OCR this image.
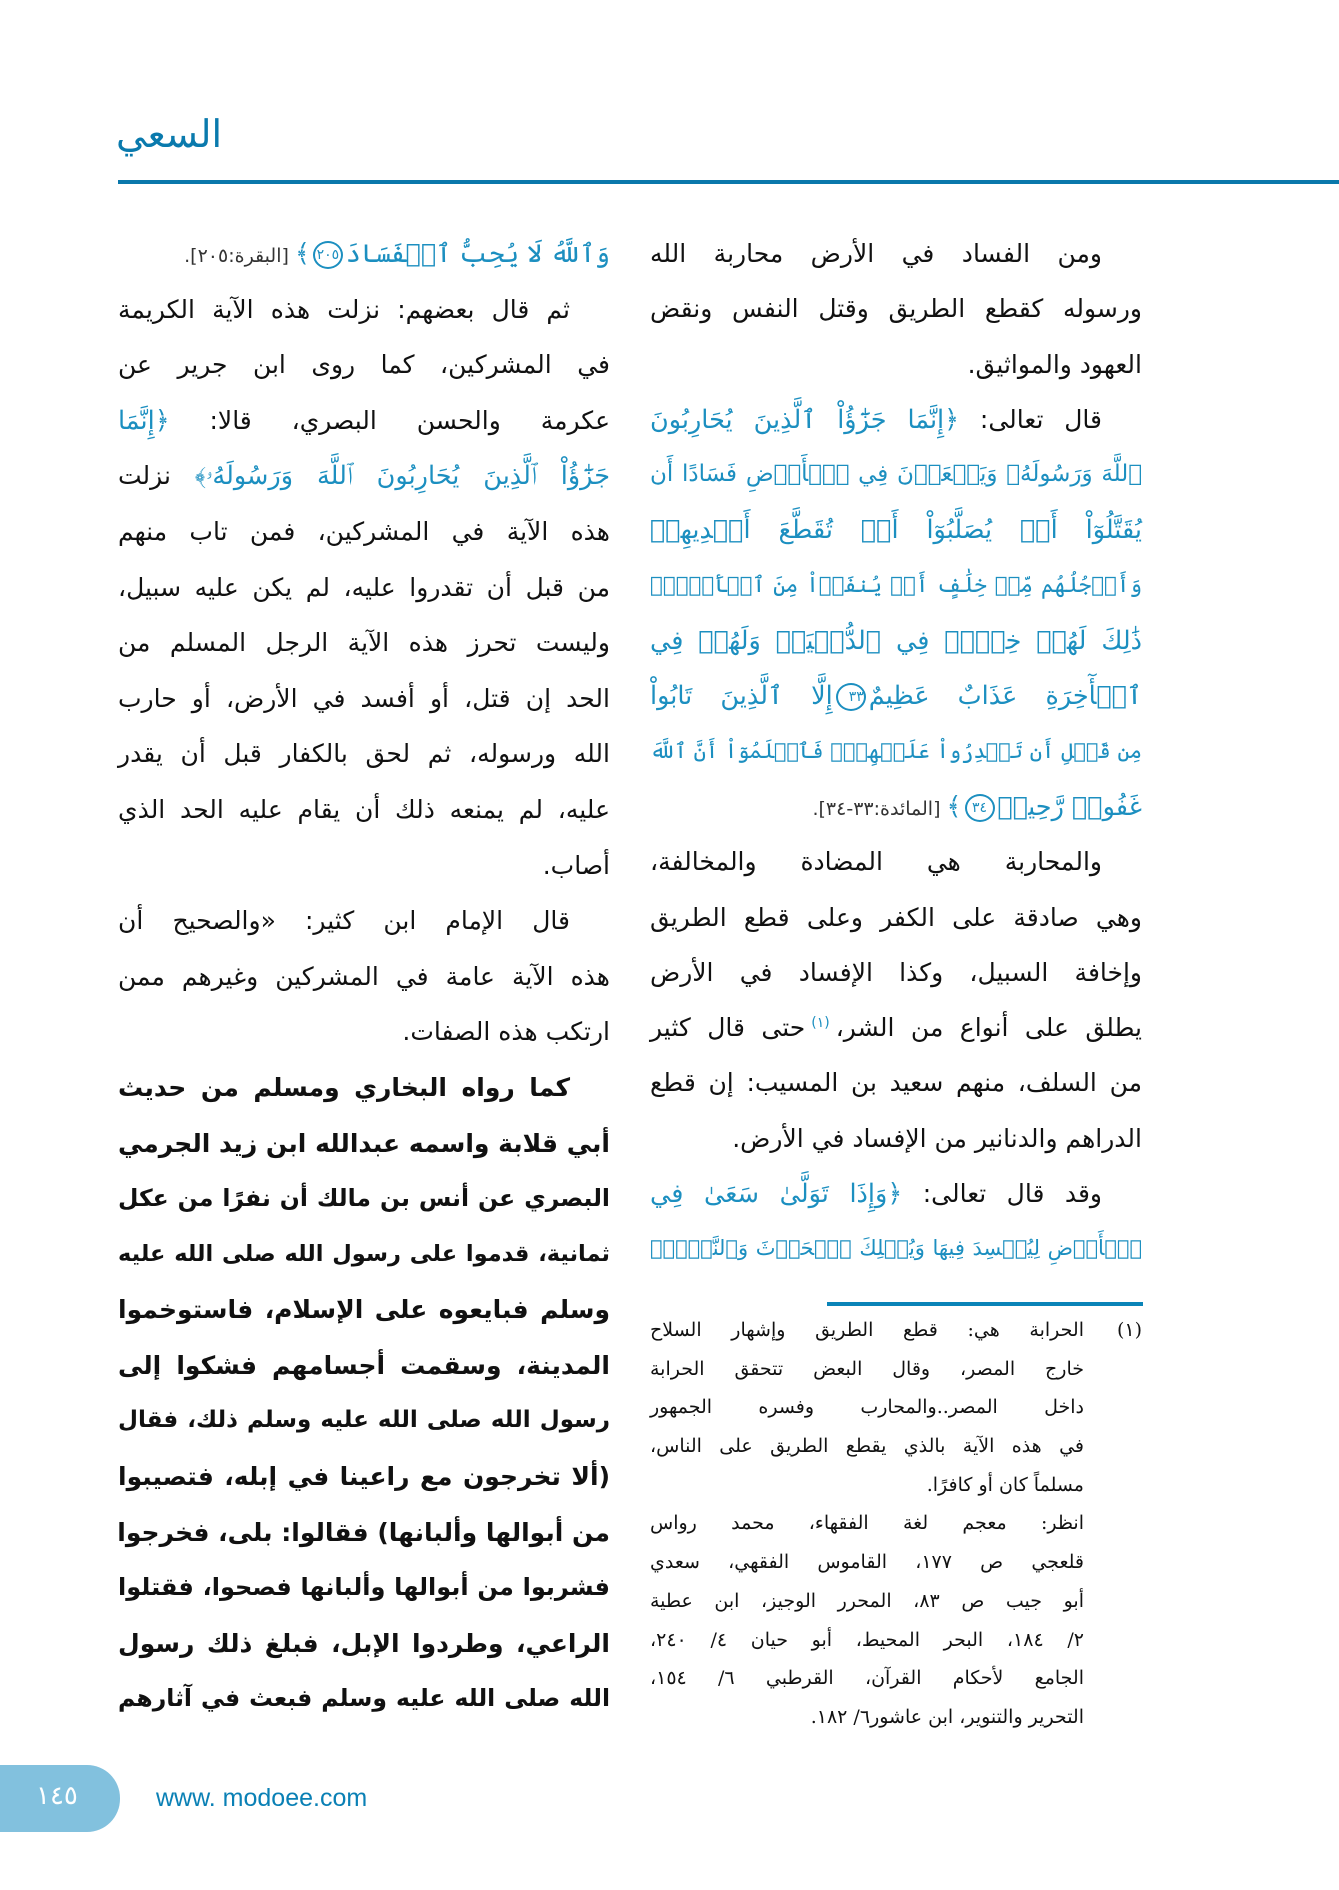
السعي
وَٱللَّهُ لَا يُحِبُّ ٱلۡفَسَادَ٢٠٥﴾ [البقرة:٢٠٥].
ثم قال بعضهم: نزلت هذه الآية الكريمة
في المشركين، كما روى ابن جرير عن
عكرمة والحسن البصري، قالا: ﴿إِنَّمَا
جَزَٰٓؤُاْ ٱلَّذِينَ يُحَارِبُونَ ٱللَّهَ وَرَسُولَهُۥ﴾ نزلت
هذه الآية في المشركين، فمن تاب منهم
من قبل أن تقدروا عليه، لم يكن عليه سبيل،
وليست تحرز هذه الآية الرجل المسلم من
الحد إن قتل، أو أفسد في الأرض، أو حارب
الله ورسوله، ثم لحق بالكفار قبل أن يقدر
عليه، لم يمنعه ذلك أن يقام عليه الحد الذي
أصاب.
قال الإمام ابن كثير: «والصحيح أن
هذه الآية عامة في المشركين وغيرهم ممن
ارتكب هذه الصفات.
كما رواه البخاري ومسلم من حديث
أبي قلابة واسمه عبدالله ابن زيد الجرمي
البصري عن أنس بن مالك أن نفرًا من عكل
ثمانية، قدموا على رسول الله صلى الله عليه
وسلم فبايعوه على الإسلام، فاستوخموا
المدينة، وسقمت أجسامهم فشكوا إلى
رسول الله صلى الله عليه وسلم ذلك، فقال
(ألا تخرجون مع راعينا في إبله، فتصيبوا
من أبوالها وألبانها) فقالوا: بلى، فخرجوا
فشربوا من أبوالها وألبانها فصحوا، فقتلوا
الراعي، وطردوا الإبل، فبلغ ذلك رسول
الله صلى الله عليه وسلم فبعث في آثارهم
ومن الفساد في الأرض محاربة الله
ورسوله كقطع الطريق وقتل النفس ونقض
العهود والمواثيق.
قال تعالى: ﴿إِنَّمَا جَزَٰٓؤُاْ ٱلَّذِينَ يُحَارِبُونَ
ٱللَّهَ وَرَسُولَهُۥ وَيَسۡعَوۡنَ فِي ٱلۡأَرۡضِ فَسَادًا أَن
يُقَتَّلُوٓاْ أَوۡ يُصَلَّبُوٓاْ أَوۡ تُقَطَّعَ أَيۡدِيهِمۡ
وَأَرۡجُلُهُم مِّنۡ خِلَٰفٍ أَوۡ يُنفَوۡاْ مِنَ ٱلۡأَرۡضِۚ
ذَٰلِكَ لَهُمۡ خِزۡيٞ فِي ٱلدُّنۡيَاۖ وَلَهُمۡ فِي
ٱلۡأٓخِرَةِ عَذَابٌ عَظِيمٌ٣٣إِلَّا ٱلَّذِينَ تَابُواْ
مِن قَبۡلِ أَن تَقۡدِرُواْ عَلَيۡهِمۡۖ فَٱعۡلَمُوٓاْ أَنَّ ٱللَّهَ
غَفُورٞ رَّحِيمٞ٣٤﴾ [المائدة:٣٣-٣٤].
والمحاربة هي المضادة والمخالفة،
وهي صادقة على الكفر وعلى قطع الطريق
وإخافة السبيل، وكذا الإفساد في الأرض
يطلق على أنواع من الشر،$^{(١)}$حتى قال كثير
من السلف، منهم سعيد بن المسيب: إن قطع
الدراهم والدنانير من الإفساد في الأرض.
وقد قال تعالى: ﴿وَإِذَا تَوَلَّىٰ سَعَىٰ فِي
ٱلۡأَرۡضِ لِيُفۡسِدَ فِيهَا وَيُهۡلِكَ ٱلۡحَرۡثَ وَٱلنَّسۡلَۚ
(١)
الحرابة هي: قطع الطريق وإشهار السلاح
خارج المصر، وقال البعض تتحقق الحرابة
داخل المصر..والمحارب وفسره الجمهور
في هذه الآية بالذي يقطع الطريق على الناس،
مسلماً كان أو كافرًا.
انظر: معجم لغة الفقهاء، محمد رواس
قلعجي ص ١٧٧، القاموس الفقهي، سعدي
أبو جيب ص ٨٣، المحرر الوجيز، ابن عطية
٢/ ١٨٤، البحر المحيط، أبو حيان ٤/ ٢٤٠،
الجامع لأحكام القرآن، القرطبي ٦/ ١٥٤،
التحرير والتنوير، ابن عاشور٦/ ١٨٢.
١٤٥	www. modoee.com
